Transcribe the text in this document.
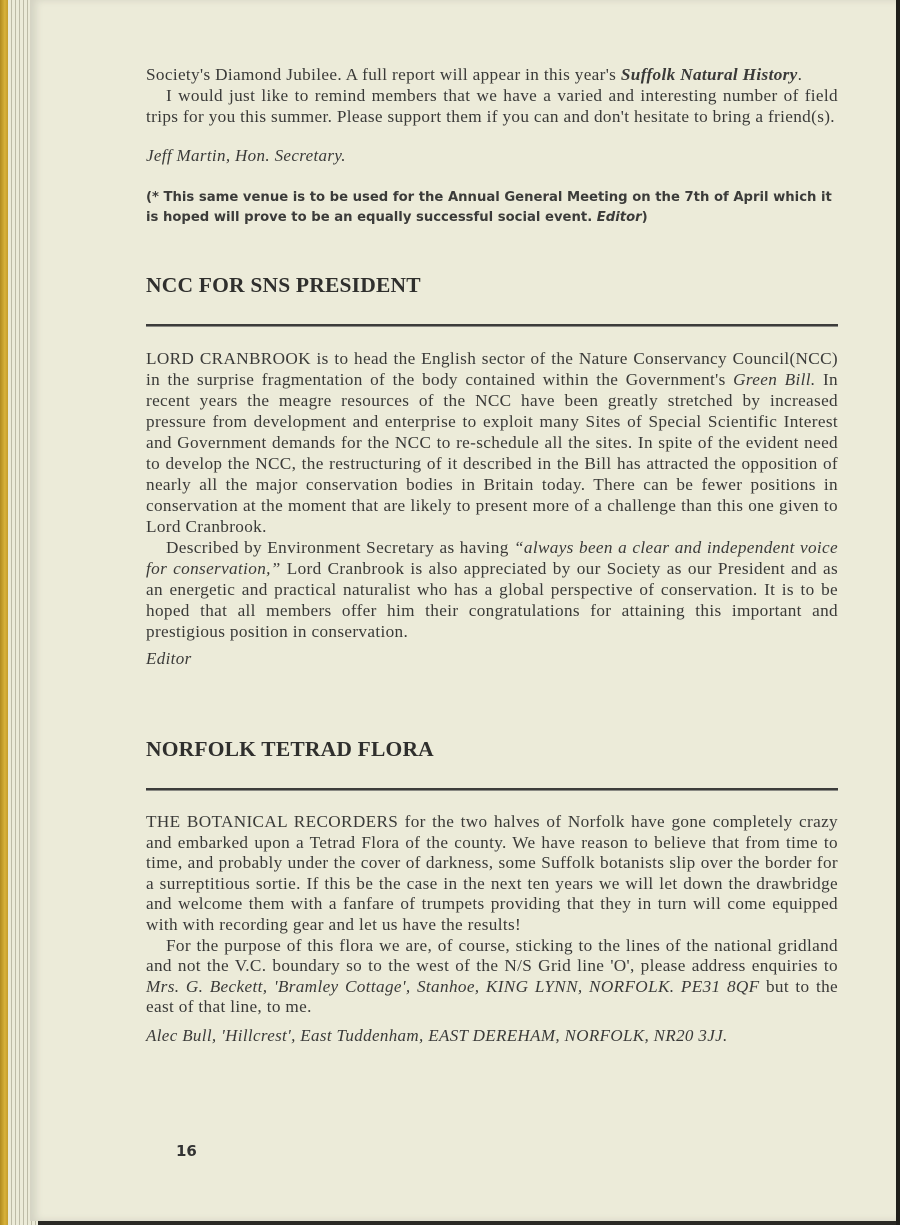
Society's Diamond Jubilee. A full report will appear in this year's Suffolk Natural History.

I would just like to remind members that we have a varied and interesting number of field trips for you this summer. Please support them if you can and don't hesitate to bring a friend(s).

Jeff Martin, Hon. Secretary.

(* This same venue is to be used for the Annual General Meeting on the 7th of April which it is hoped will prove to be an equally successful social event. Editor)

NCC FOR SNS PRESIDENT

LORD CRANBROOK is to head the English sector of the Nature Conservancy Council(NCC) in the surprise fragmentation of the body contained within the Government's Green Bill. In recent years the meagre resources of the NCC have been greatly stretched by increased pressure from development and enterprise to exploit many Sites of Special Scientific Interest and Government demands for the NCC to re-schedule all the sites. In spite of the evident need to develop the NCC, the restructuring of it described in the Bill has attracted the opposition of nearly all the major conservation bodies in Britain today. There can be fewer positions in conservation at the moment that are likely to present more of a challenge than this one given to Lord Cranbrook.

Described by Environment Secretary as having “always been a clear and independent voice for conservation,” Lord Cranbrook is also appreciated by our Society as our President and as an energetic and practical naturalist who has a global perspective of conservation. It is to be hoped that all members offer him their congratulations for attaining this important and prestigious position in conservation.

Editor

NORFOLK TETRAD FLORA

THE BOTANICAL RECORDERS for the two halves of Norfolk have gone completely crazy and embarked upon a Tetrad Flora of the county. We have reason to believe that from time to time, and probably under the cover of darkness, some Suffolk botanists slip over the border for a surreptitious sortie. If this be the case in the next ten years we will let down the drawbridge and welcome them with a fanfare of trumpets providing that they in turn will come equipped with with recording gear and let us have the results!

For the purpose of this flora we are, of course, sticking to the lines of the national gridland and not the V.C. boundary so to the west of the N/S Grid line 'O', please address enquiries to Mrs. G. Beckett, 'Bramley Cottage', Stanhoe, KING LYNN, NORFOLK. PE31 8QF but to the east of that line, to me.

Alec Bull, 'Hillcrest', East Tuddenham, EAST DEREHAM, NORFOLK, NR20 3JJ.

16
